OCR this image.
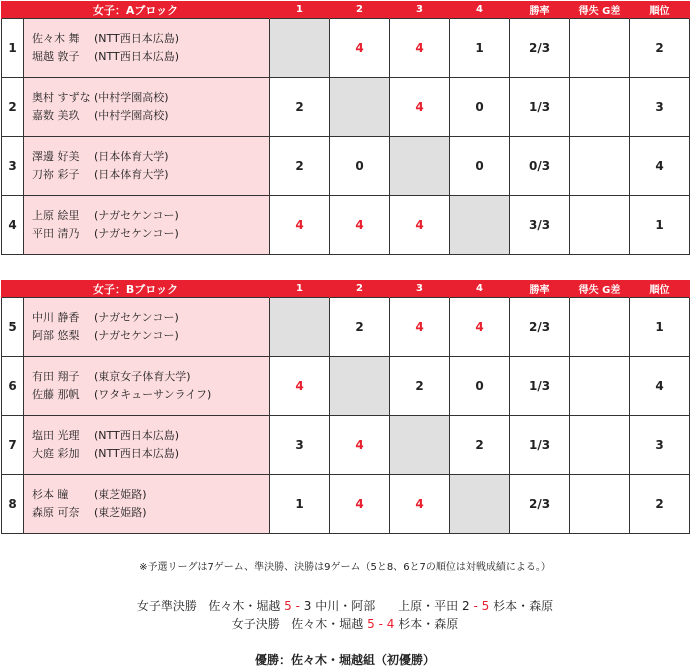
女子：Aブロック		1	2	3	4	勝率	得失 G差	順位
1	佐々木 舞 (NTT西日本広島)
堀越 敦子 (NTT西日本広島)		4	4	1	2/3		2
2	奥村 すずな (中村学園高校)
嘉数 美玖 (中村学園高校)	2		4	0	1/3		3
3	澤邊 好美 (日本体育大学)
刀祢 彩子 (日本体育大学)	2	0		0	0/3		4
4	上原 絵里 (ナガセケンコー)
平田 清乃 (ナガセケンコー)	4	4	4		3/3		1
女子：Bブロック		1	2	3	4	勝率	得失 G差	順位
5	中川 静香 (ナガセケンコー)
阿部 悠梨 (ナガセケンコー)		2	4	4	2/3		1
6	有田 翔子 (東京女子体育大学)
佐藤 那帆 (ワタキューサンライフ)	4		2	0	1/3		4
7	塩田 光理 (NTT西日本広島)
大庭 彩加 (NTT西日本広島)	3	4		2	1/3		3
8	杉本 瞳 (東芝姫路)
森原 可奈 (東芝姫路)	1	4	4		2/3		2
※予選リーグは7ゲーム、準決勝、決勝は9ゲーム（5と8、6と7の順位は対戦成績による。）
女子準決勝 佐々木・堀越 5 - 3 中川・阿部 上原・平田 2 - 5 杉本・森原
女子決勝 佐々木・堀越 5 - 4 杉本・森原
優勝：佐々木・堀越組（初優勝）
